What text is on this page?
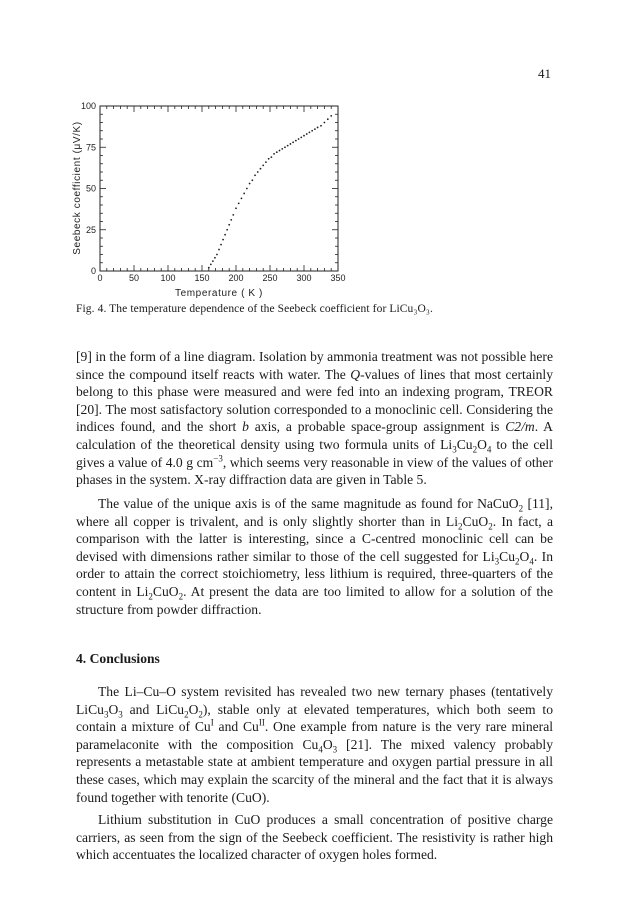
41
0	50 100 150 200 250 300 350
0
25
50
75
100
Temperature ( K )
Seebeck coefficient (μV/K)
Fig. 4. The temperature dependence of the Seebeck coefficient for LiCu₃O₃.

[9] in the form of a line diagram. Isolation by ammonia treatment was not possible here since the compound itself reacts with water. The Q-values of lines that most certainly belong to this phase were measured and were fed into an indexing program, TREOR [20]. The most satisfactory solution corresponded to a monoclinic cell. Considering the indices found, and the short b axis, a probable space-group assignment is C2/m. A calculation of the theoretical density using two formula units of $Li_3Cu_2O_4$ to the cell gives a value of 4.0 g $cm^{-3}$, which seems very reasonable in view of the values of other phases in the system. X-ray diffraction data are given in Table 5.

The value of the unique axis is of the same magnitude as found for NaCuO$_2$ [11], where all copper is trivalent, and is only slightly shorter than in $Li_2CuO_2$. In fact, a comparison with the latter is interesting, since a C-centred monoclinic cell can be devised with dimensions rather similar to those of the cell suggested for $Li_3Cu_2O_4$. In order to attain the correct stoichiometry, less lithium is required, three-quarters of the content in $Li_2CuO_2$. At present the data are too limited to allow for a solution of the structure from powder diffraction.

4. Conclusions

The Li–Cu–O system revisited has revealed two new ternary phases (tentatively $LiCu_3O_3$ and $LiCu_2O_2$), stable only at elevated temperatures, which both seem to contain a mixture of $Cu^I$ and $Cu^{II}$. One example from nature is the very rare mineral paramelaconite with the composition $Cu_4O_3$ [21]. The mixed valency probably represents a metastable state at ambient temperature and oxygen partial pressure in all these cases, which may explain the scarcity of the mineral and the fact that it is always found together with tenorite (CuO).

Lithium substitution in CuO produces a small concentration of positive charge carriers, as seen from the sign of the Seebeck coefficient. The resistivity is rather high which accentuates the localized character of oxygen holes formed.
